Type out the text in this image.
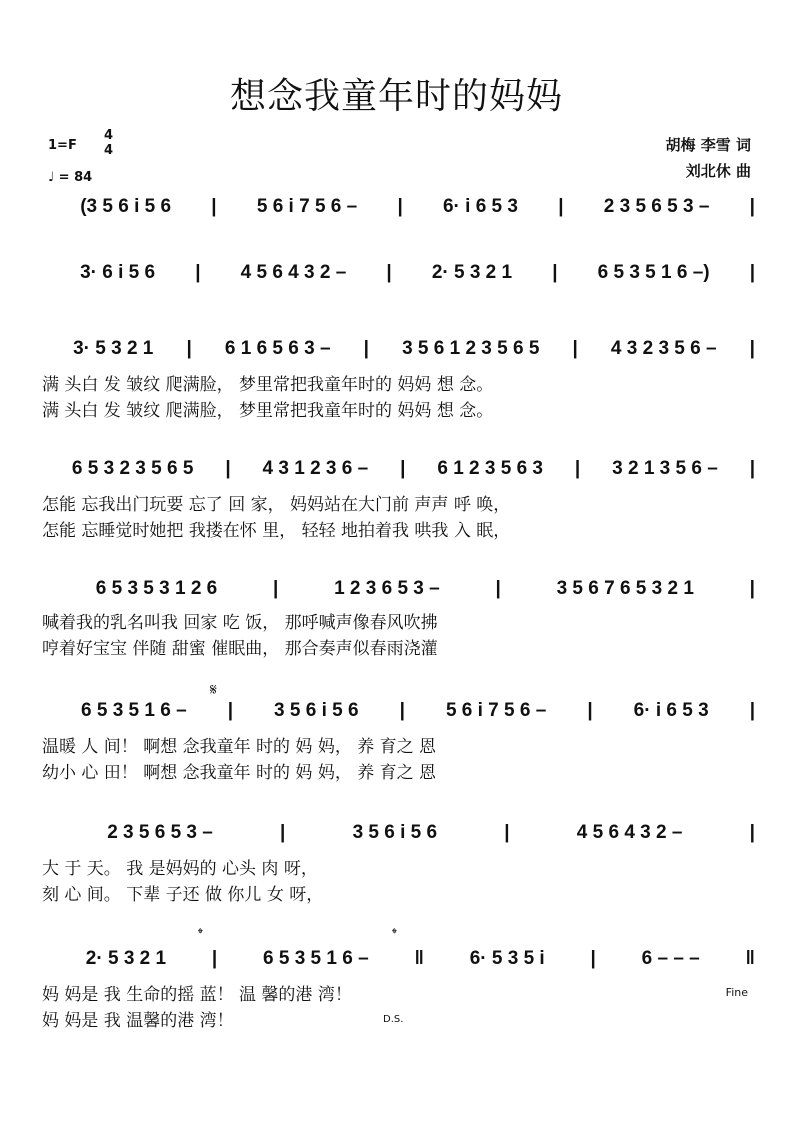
想念我童年时的妈妈
1=F
4
4
♩ = 84
胡梅 李雪 词
刘北休 曲
(3 5 6 i 5 6	|	5 6 i 7 5 6 –	|	6· i 6 5 3	|	2 3 5 6 5 3 –	|
3· 6 i 5 6	|	4 5 6 4 3 2 –	|	2· 5 3 2 1	|	6 5 3 5 1 6 –)	|
3· 5 3 2 1	|	6 1 6 5 6 3 –	|	3 5 6 1 2 3 5 6 5	|	4 3 2 3 5 6 –	|
满 头白 发 皱纹 爬满脸， 梦里常把我童年时的 妈妈 想 念。
满 头白 发 皱纹 爬满脸， 梦里常把我童年时的 妈妈 想 念。
6 5 3 2 3 5 6 5	|	4 3 1 2 3 6 –	|	6 1 2 3 5 6 3	|	3 2 1 3 5 6 –	|
怎能 忘我出门玩要 忘了 回 家， 妈妈站在大门前 声声 呼 唤，
怎能 忘睡觉时她把 我搂在怀 里， 轻轻 地拍着我 哄我 入 眠，
6 5 3 5 3 1 2 6	|	1 2 3 6 5 3 –	|	3 5 6 7 6 5 3 2 1	|
喊着我的乳名叫我 回家 吃 饭， 那呼喊声像春风吹拂
哼着好宝宝 伴随 甜蜜 催眠曲， 那合奏声似春雨浇灌
𝄋
6 5 3 5 1 6 –	|	3 5 6 i 5 6	|	5 6 i 7 5 6 –	|	6· i 6 5 3	|
温暖 人 间！ 啊想 念我童年 时的 妈 妈， 养 育之 恩
幼小 心 田！ 啊想 念我童年 时的 妈 妈， 养 育之 恩
2 3 5 6 5 3 –	|	3 5 6 i 5 6	|	4 5 6 4 3 2 –	|
大 于 天。 我 是妈妈的 心头 肉 呀，
刻 心 间。 下辈 子还 做 你儿 女 呀，
𝄌	𝄌
2· 5 3 2 1	|	6 5 3 5 1 6 –	‖	6· 5 3 5 i	|	6 – – –	‖
妈 妈是 我 生命的摇 蓝！ 温 馨的港 湾！
妈 妈是 我 温馨的港 湾！
Fine
D.S.
